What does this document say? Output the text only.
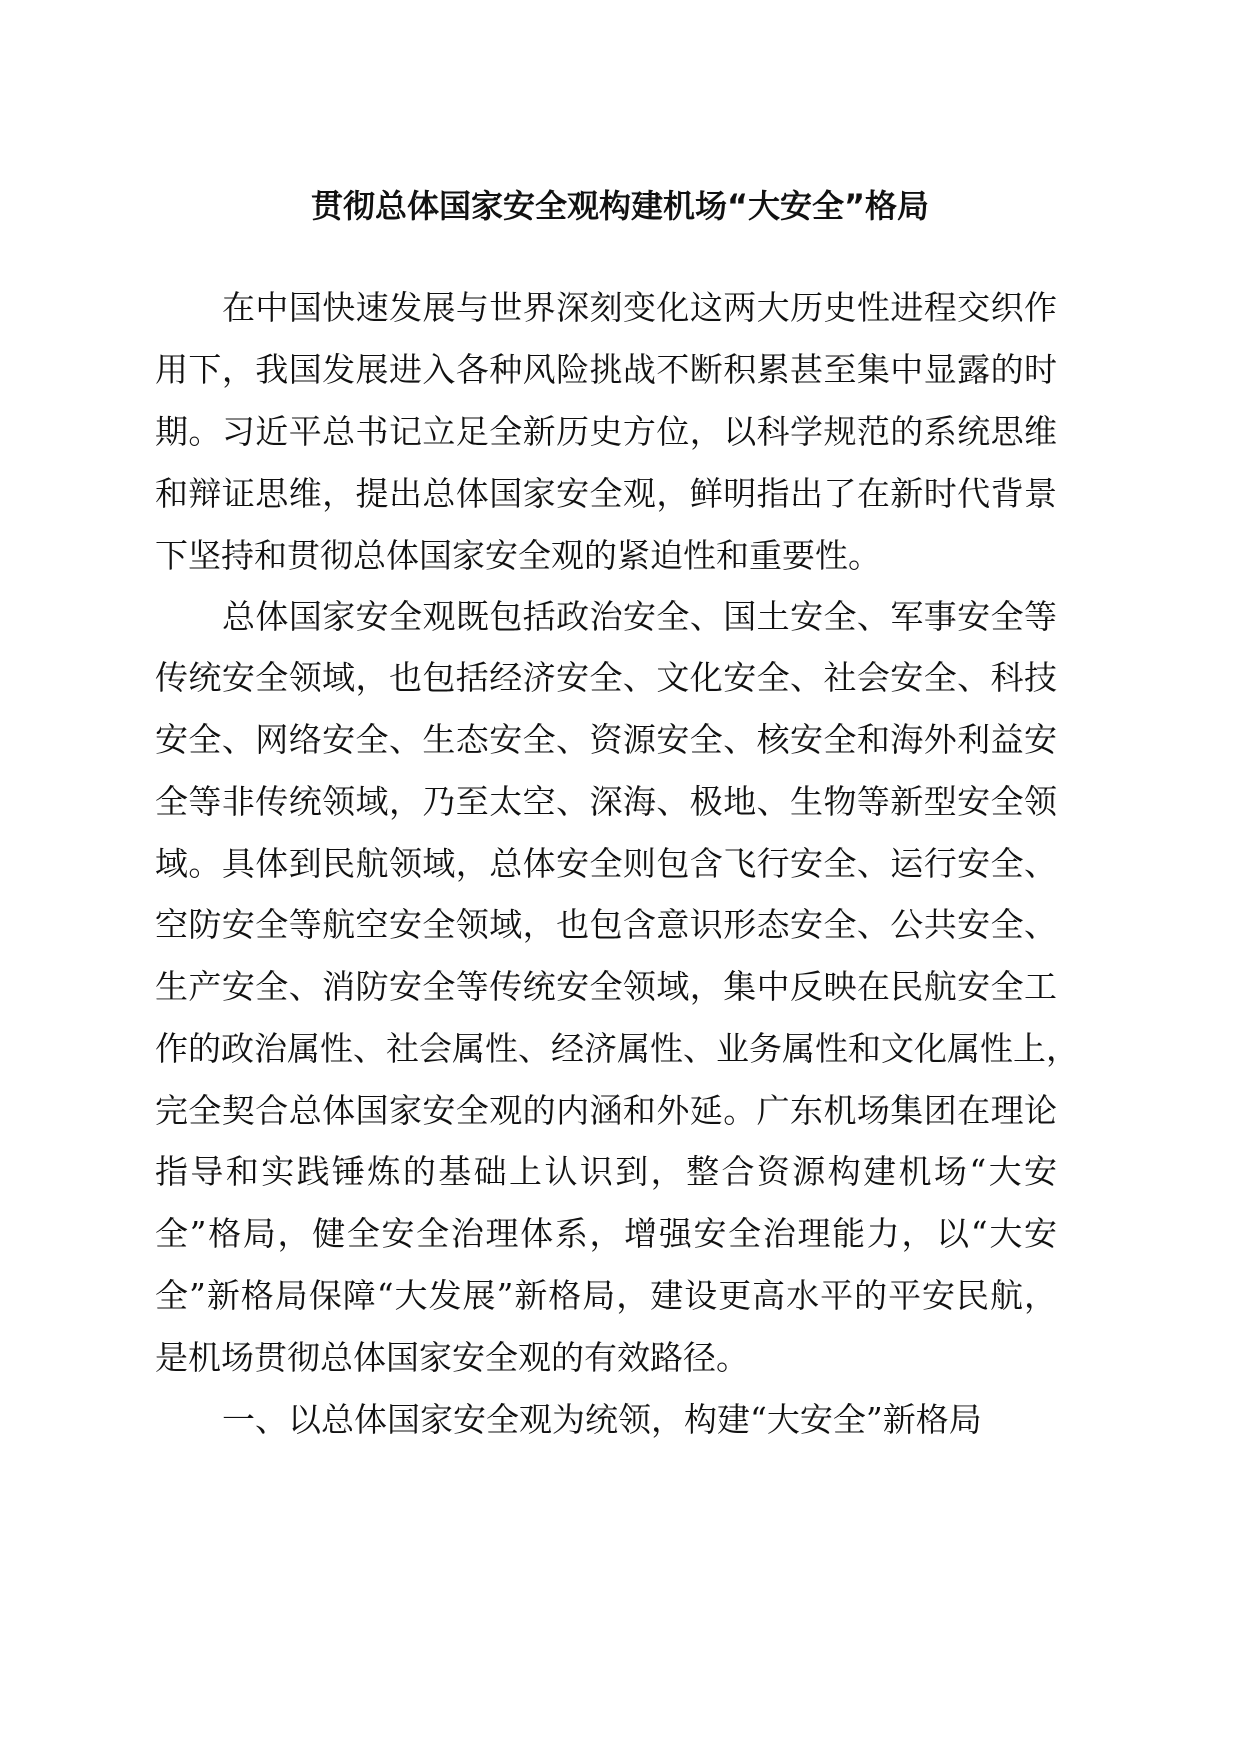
贯彻总体国家安全观构建机场“大安全”格局
在中国快速发展与世界深刻变化这两大历史性进程交织作
用下，我国发展进入各种风险挑战不断积累甚至集中显露的时
期。习近平总书记立足全新历史方位，以科学规范的系统思维
和辩证思维，提出总体国家安全观，鲜明指出了在新时代背景
下坚持和贯彻总体国家安全观的紧迫性和重要性。
总体国家安全观既包括政治安全、国土安全、军事安全等
传统安全领域，也包括经济安全、文化安全、社会安全、科技
安全、网络安全、生态安全、资源安全、核安全和海外利益安
全等非传统领域，乃至太空、深海、极地、生物等新型安全领
域。具体到民航领域，总体安全则包含飞行安全、运行安全、
空防安全等航空安全领域，也包含意识形态安全、公共安全、
生产安全、消防安全等传统安全领域，集中反映在民航安全工
作的政治属性、社会属性、经济属性、业务属性和文化属性上，
完全契合总体国家安全观的内涵和外延。广东机场集团在理论
指导和实践锤炼的基础上认识到，整合资源构建机场“大安
全”格局，健全安全治理体系，增强安全治理能力，以“大安
全”新格局保障“大发展”新格局，建设更高水平的平安民航，
是机场贯彻总体国家安全观的有效路径。
一、以总体国家安全观为统领，构建“大安全”新格局
